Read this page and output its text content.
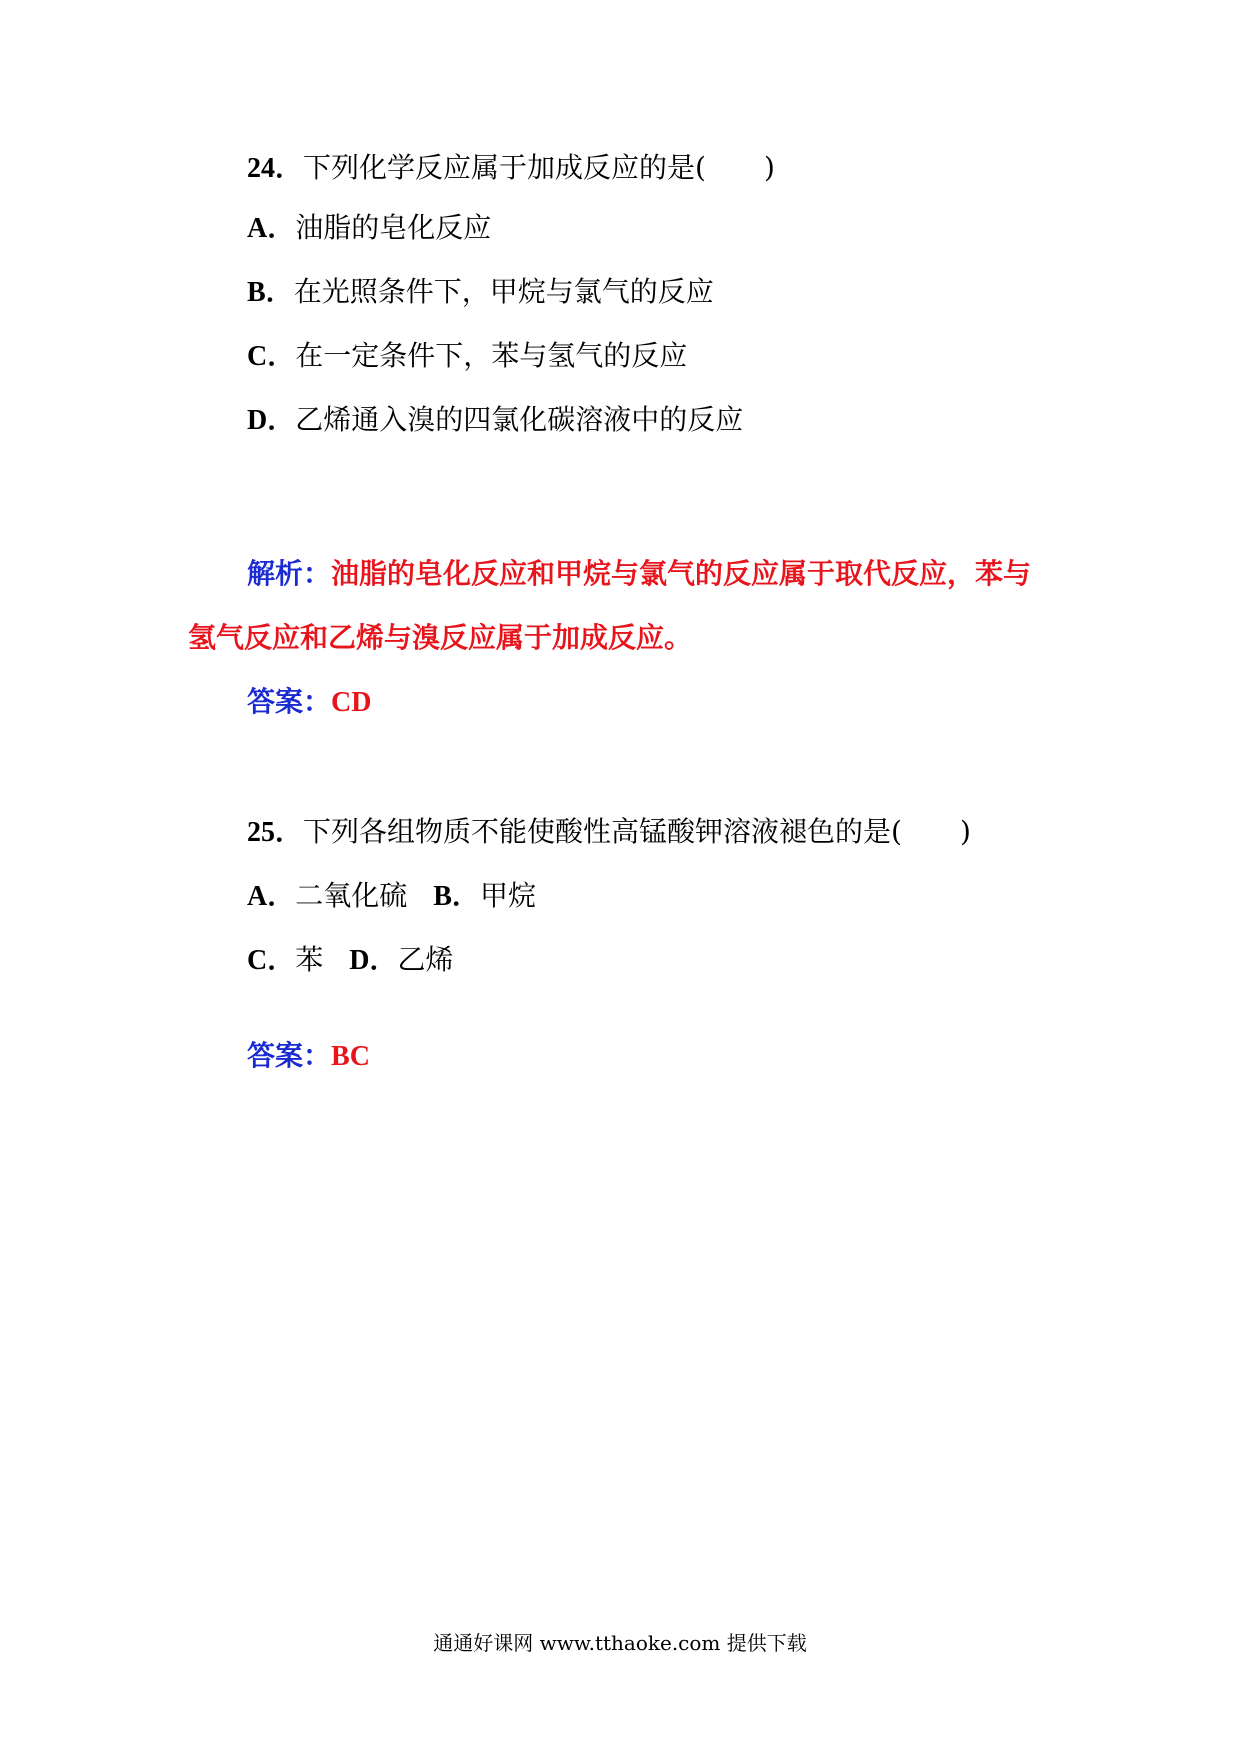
24．下列化学反应属于加成反应的是( )
A．油脂的皂化反应
B．在光照条件下，甲烷与氯气的反应
C．在一定条件下，苯与氢气的反应
D．乙烯通入溴的四氯化碳溶液中的反应
解析：油脂的皂化反应和甲烷与氯气的反应属于取代反应，苯与
氢气反应和乙烯与溴反应属于加成反应。
答案：CD
25．下列各组物质不能使酸性高锰酸钾溶液褪色的是( )
A．二氧化硫 B．甲烷
C．苯 D．乙烯
答案：BC
通通好课网 www.tthaoke.com 提供下载
